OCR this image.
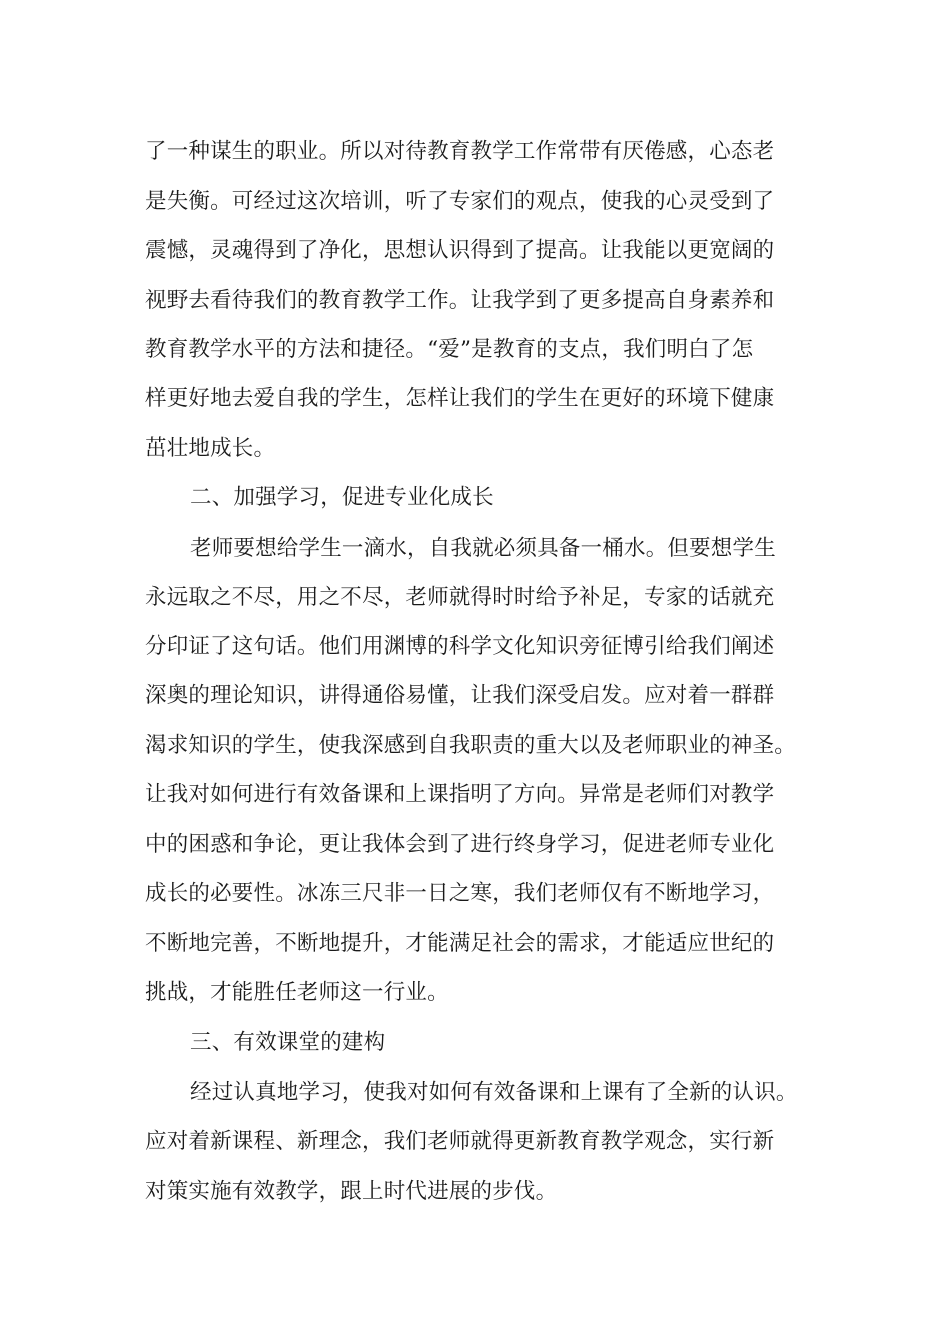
了一种谋生的职业。所以对待教育教学工作常带有厌倦感，心态老
是失衡。可经过这次培训，听了专家们的观点，使我的心灵受到了
震憾，灵魂得到了净化，思想认识得到了提高。让我能以更宽阔的
视野去看待我们的教育教学工作。让我学到了更多提高自身素养和
教育教学水平的方法和捷径。“爱”是教育的支点，我们明白了怎
样更好地去爱自我的学生，怎样让我们的学生在更好的环境下健康
茁壮地成长。
二、加强学习，促进专业化成长
老师要想给学生一滴水，自我就必须具备一桶水。但要想学生
永远取之不尽，用之不尽，老师就得时时给予补足，专家的话就充
分印证了这句话。他们用渊博的科学文化知识旁征博引给我们阐述
深奥的理论知识，讲得通俗易懂，让我们深受启发。应对着一群群
渴求知识的学生，使我深感到自我职责的重大以及老师职业的神圣。
让我对如何进行有效备课和上课指明了方向。异常是老师们对教学
中的困惑和争论，更让我体会到了进行终身学习，促进老师专业化
成长的必要性。冰冻三尺非一日之寒，我们老师仅有不断地学习，
不断地完善，不断地提升，才能满足社会的需求，才能适应世纪的
挑战，才能胜任老师这一行业。
三、有效课堂的建构
经过认真地学习，使我对如何有效备课和上课有了全新的认识。
应对着新课程、新理念，我们老师就得更新教育教学观念，实行新
对策实施有效教学，跟上时代进展的步伐。
